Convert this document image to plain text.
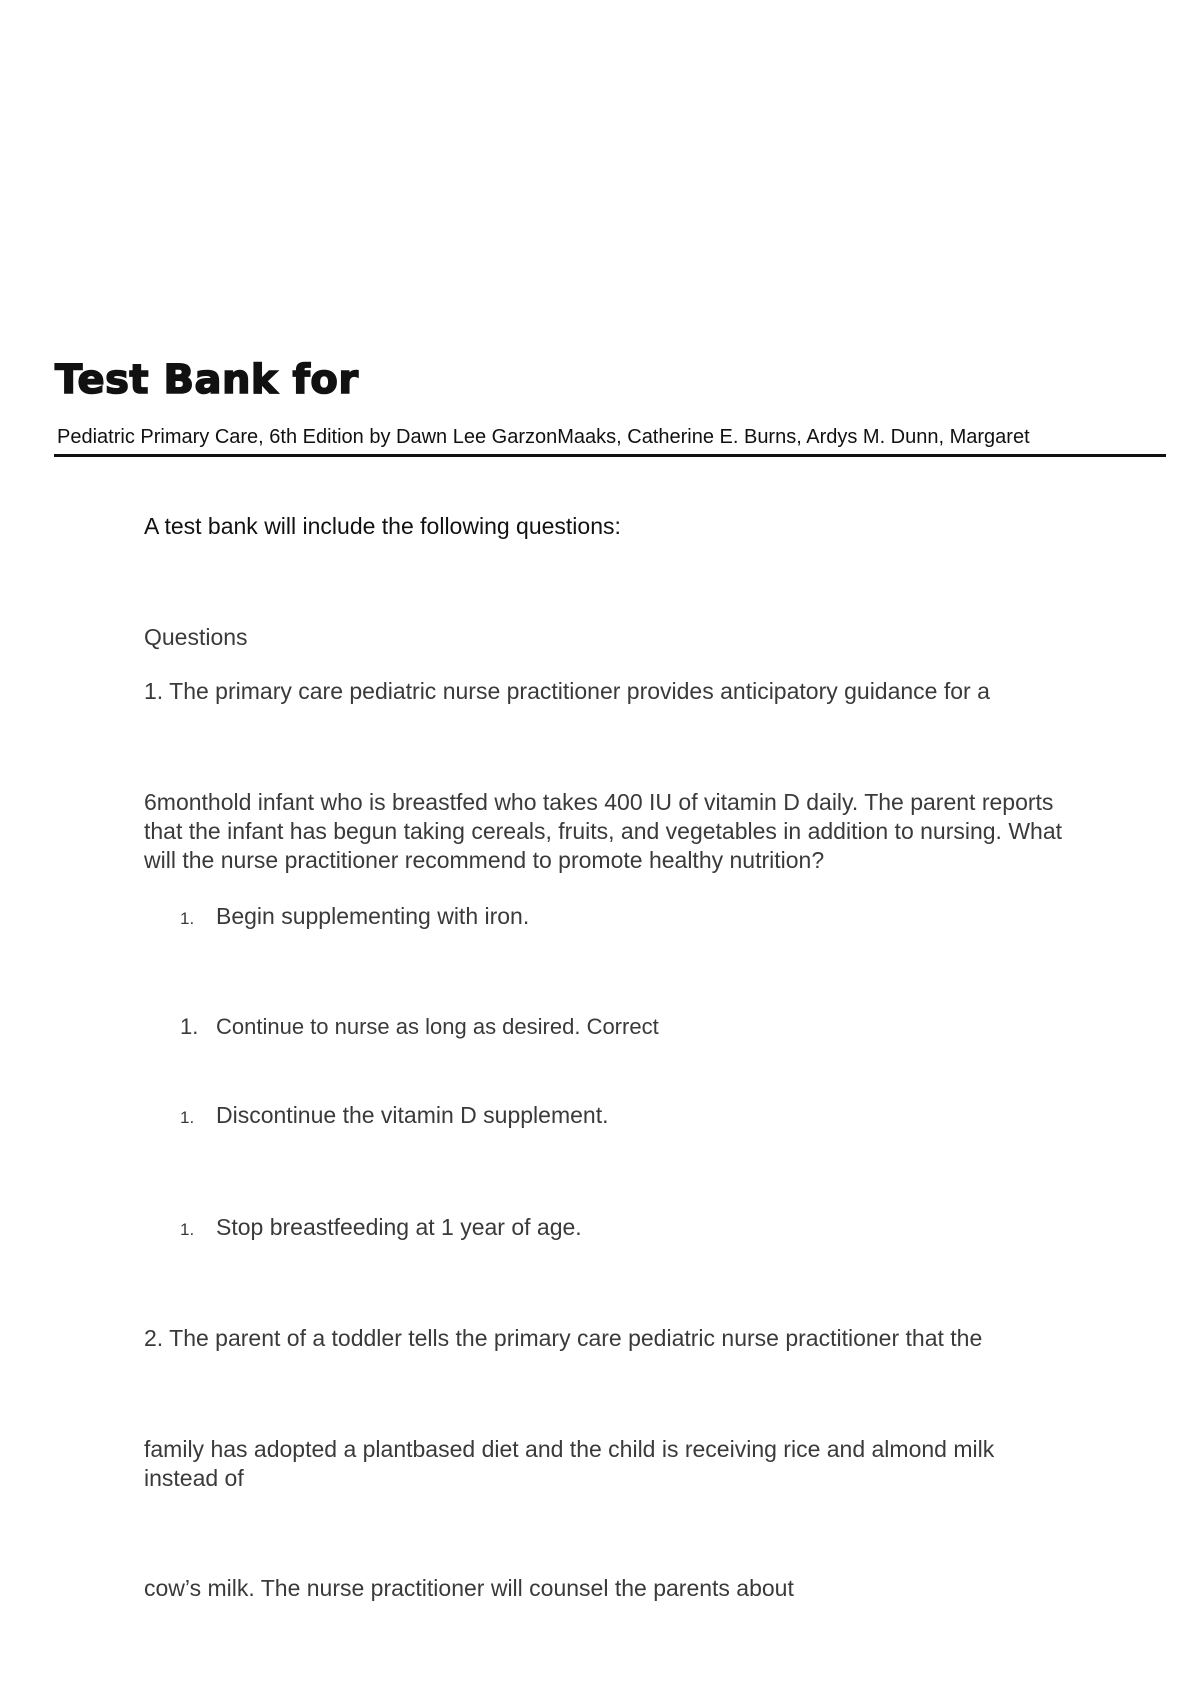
Test Bank for
Pediatric Primary Care, 6th Edition by Dawn Lee GarzonMaaks, Catherine E. Burns, Ardys M. Dunn, Margaret
A test bank will include the following questions:
Questions
1. The primary care pediatric nurse practitioner provides anticipatory guidance for a
6monthold infant who is breastfed who takes 400 IU of vitamin D daily. The parent reports that the infant has begun taking cereals, fruits, and vegetables in addition to nursing. What will the nurse practitioner recommend to promote healthy nutrition?
1. Begin supplementing with iron.
1. Continue to nurse as long as desired. Correct
1. Discontinue the vitamin D supplement.
1. Stop breastfeeding at 1 year of age.
2. The parent of a toddler tells the primary care pediatric nurse practitioner that the
family has adopted a plantbased diet and the child is receiving rice and almond milk instead of
cow’s milk. The nurse practitioner will counsel the parents about
